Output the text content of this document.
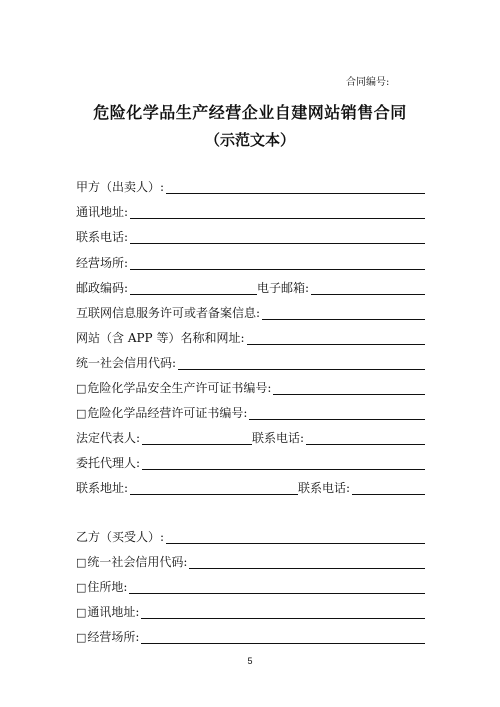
合同编号:
危险化学品生产经营企业自建网站销售合同
（示范文本）
甲方（出卖人）:
通讯地址:
联系电话:
经营场所:
邮政编码:	电子邮箱:
互联网信息服务许可或者备案信息:
网站（含 APP 等）名称和网址:
统一社会信用代码:
□ 危险化学品安全生产许可证书编号:
□ 危险化学品经营许可证书编号:
法定代表人:	联系电话:
委托代理人:
联系地址:	联系电话:
乙方（买受人）:
□ 统一社会信用代码:
□ 住所地:
□ 通讯地址:
□ 经营场所:
5
